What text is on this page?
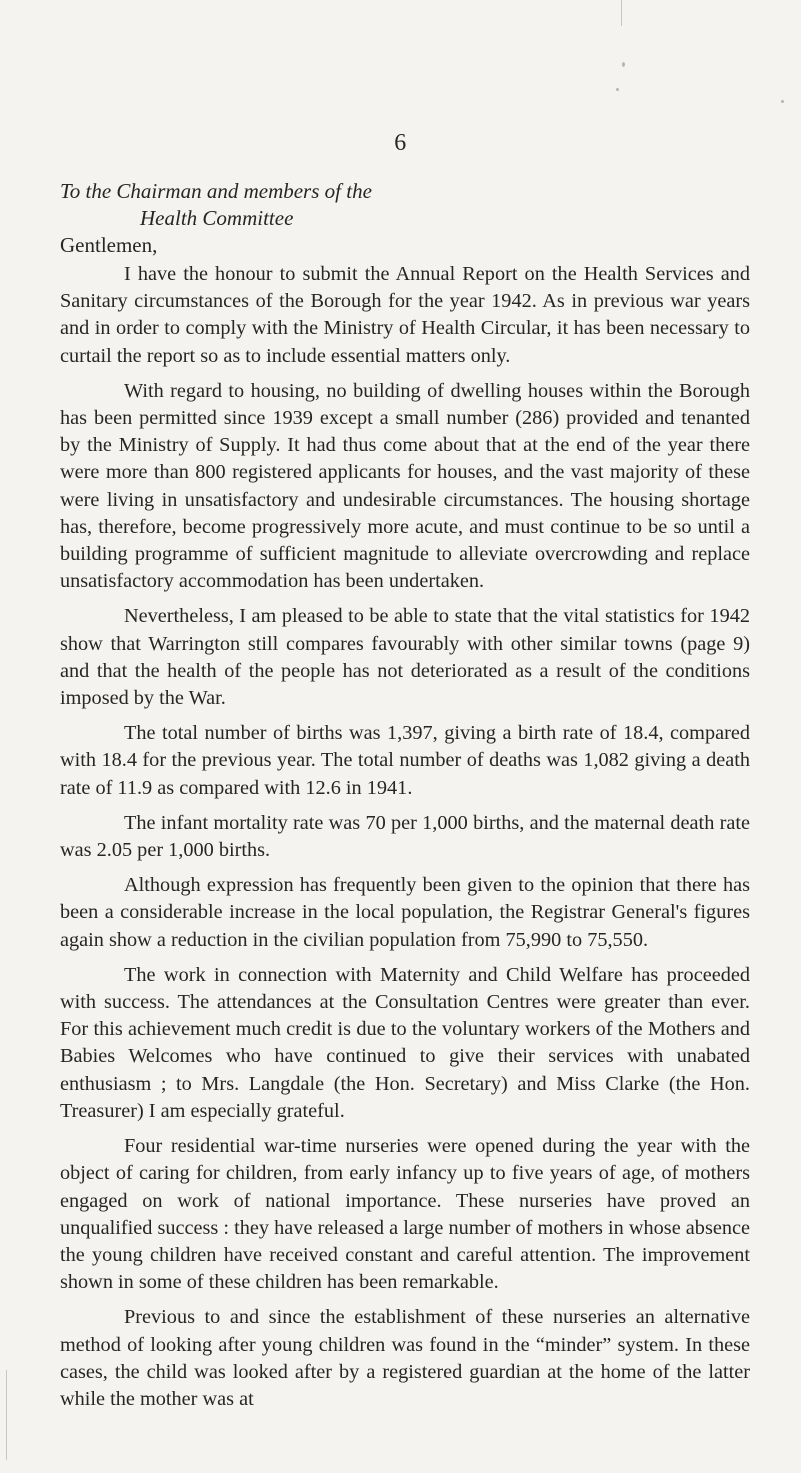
6

To the Chairman and members of the

Health Committee

Gentlemen,

I have the honour to submit the Annual Report on the Health Services and Sanitary circumstances of the Borough for the year 1942. As in previous war years and in order to comply with the Ministry of Health Circular, it has been necessary to curtail the report so as to include essential matters only.

With regard to housing, no building of dwelling houses within the Borough has been permitted since 1939 except a small number (286) provided and tenanted by the Ministry of Supply. It had thus come about that at the end of the year there were more than 800 registered applicants for houses, and the vast majority of these were living in unsatisfactory and undesirable circumstances. The housing shortage has, therefore, become progressively more acute, and must continue to be so until a building programme of sufficient magnitude to alleviate overcrowding and replace unsatisfactory accommodation has been undertaken.

Nevertheless, I am pleased to be able to state that the vital statistics for 1942 show that Warrington still compares favourably with other similar towns (page 9) and that the health of the people has not deteriorated as a result of the conditions imposed by the War.

The total number of births was 1,397, giving a birth rate of 18.4, compared with 18.4 for the previous year. The total number of deaths was 1,082 giving a death rate of 11.9 as compared with 12.6 in 1941.

The infant mortality rate was 70 per 1,000 births, and the maternal death rate was 2.05 per 1,000 births.

Although expression has frequently been given to the opinion that there has been a considerable increase in the local population, the Registrar General's figures again show a reduction in the civilian population from 75,990 to 75,550.

The work in connection with Maternity and Child Welfare has proceeded with success. The attendances at the Consultation Centres were greater than ever. For this achievement much credit is due to the voluntary workers of the Mothers and Babies Welcomes who have continued to give their services with unabated enthusiasm ; to Mrs. Langdale (the Hon. Secretary) and Miss Clarke (the Hon. Treasurer) I am especially grateful.

Four residential war-time nurseries were opened during the year with the object of caring for children, from early infancy up to five years of age, of mothers engaged on work of national importance. These nurseries have proved an unqualified success : they have released a large number of mothers in whose absence the young children have received constant and careful attention. The improvement shown in some of these children has been remarkable.

Previous to and since the establishment of these nurseries an alternative method of looking after young children was found in the “minder” system. In these cases, the child was looked after by a registered guardian at the home of the latter while the mother was at
